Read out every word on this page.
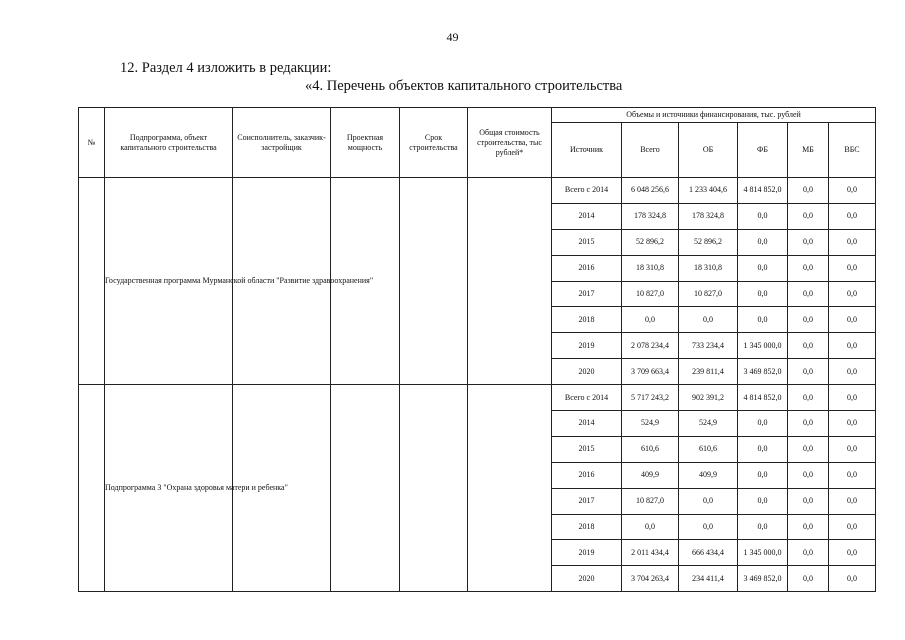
49
12. Раздел 4 изложить в редакции:
«4. Перечень объектов капитального строительства
№	Подпрограмма, объект капитального строительства	Соисполнитель, заказчик-застройщик	Проектная мощность	Срок строительства	Общая стоимость строительства, тыс рублей*	Объемы и источники финансирования, тыс. рублей					
						Источник	Всего	ОБ	ФБ	МБ	ВБС
	Государственная программа Мурманской области "Развитие здравоохранения"					Всего с 2014	6 048 256,6	1 233 404,6	4 814 852,0	0,0	0,0
						2014	178 324,8	178 324,8	0,0	0,0	0,0
						2015	52 896,2	52 896,2	0,0	0,0	0,0
						2016	18 310,8	18 310,8	0,0	0,0	0,0
						2017	10 827,0	10 827,0	0,0	0,0	0,0
						2018	0,0	0,0	0,0	0,0	0,0
						2019	2 078 234,4	733 234,4	1 345 000,0	0,0	0,0
						2020	3 709 663,4	239 811,4	3 469 852,0	0,0	0,0
	Подпрограмма 3 "Охрана здоровья матери и ребенка"					Всего с 2014	5 717 243,2	902 391,2	4 814 852,0	0,0	0,0
						2014	524,9	524,9	0,0	0,0	0,0
						2015	610,6	610,6	0,0	0,0	0,0
						2016	409,9	409,9	0,0	0,0	0,0
						2017	10 827,0	0,0	0,0	0,0	0,0
						2018	0,0	0,0	0,0	0,0	0,0
						2019	2 011 434,4	666 434,4	1 345 000,0	0,0	0,0
						2020	3 704 263,4	234 411,4	3 469 852,0	0,0	0,0
